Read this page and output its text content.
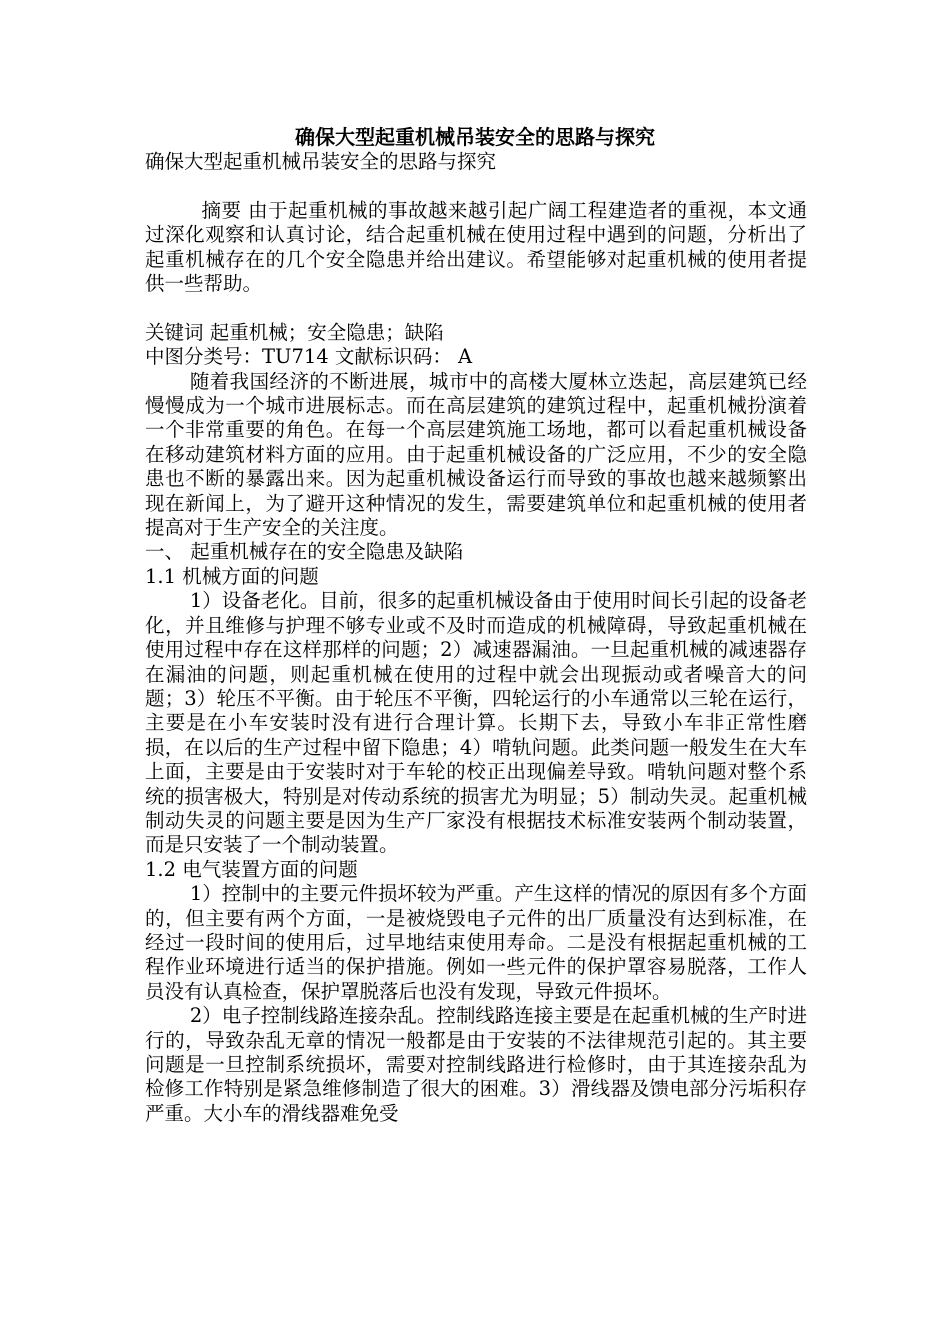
确保大型起重机械吊装安全的思路与探究

确保大型起重机械吊装安全的思路与探究

摘要 由于起重机械的事故越来越引起广阔工程建造者的重视，本文通过深化观察和认真讨论，结合起重机械在使用过程中遇到的问题，分析出了起重机械存在的几个安全隐患并给出建议。希望能够对起重机械的使用者提供一些帮助。

关键词 起重机械；安全隐患；缺陷

中图分类号：TU714 文献标识码： A

随着我国经济的不断进展，城市中的高楼大厦林立迭起，高层建筑已经慢慢成为一个城市进展标志。而在高层建筑的建筑过程中，起重机械扮演着一个非常重要的角色。在每一个高层建筑施工场地，都可以看起重机械设备在移动建筑材料方面的应用。由于起重机械设备的广泛应用，不少的安全隐患也不断的暴露出来。因为起重机械设备运行而导致的事故也越来越频繁出现在新闻上，为了避开这种情况的发生，需要建筑单位和起重机械的使用者提高对于生产安全的关注度。

一、 起重机械存在的安全隐患及缺陷

1.1 机械方面的问题

1）设备老化。目前，很多的起重机械设备由于使用时间长引起的设备老化，并且维修与护理不够专业或不及时而造成的机械障碍，导致起重机械在使用过程中存在这样那样的问题；2）减速器漏油。一旦起重机械的减速器存在漏油的问题，则起重机械在使用的过程中就会出现振动或者噪音大的问题；3）轮压不平衡。由于轮压不平衡，四轮运行的小车通常以三轮在运行，主要是在小车安装时没有进行合理计算。长期下去，导致小车非正常性磨损，在以后的生产过程中留下隐患；4）啃轨问题。此类问题一般发生在大车上面，主要是由于安装时对于车轮的校正出现偏差导致。啃轨问题对整个系统的损害极大，特别是对传动系统的损害尤为明显；5）制动失灵。起重机械制动失灵的问题主要是因为生产厂家没有根据技术标准安装两个制动装置，而是只安装了一个制动装置。

1.2 电气装置方面的问题

1）控制中的主要元件损坏较为严重。产生这样的情况的原因有多个方面的，但主要有两个方面，一是被烧毁电子元件的出厂质量没有达到标准，在经过一段时间的使用后，过早地结束使用寿命。二是没有根据起重机械的工程作业环境进行适当的保护措施。例如一些元件的保护罩容易脱落，工作人员没有认真检查，保护罩脱落后也没有发现，导致元件损坏。

2）电子控制线路连接杂乱。控制线路连接主要是在起重机械的生产时进行的，导致杂乱无章的情况一般都是由于安装的不法律规范引起的。其主要问题是一旦控制系统损坏，需要对控制线路进行检修时，由于其连接杂乱为检修工作特别是紧急维修制造了很大的困难。3）滑线器及馈电部分污垢积存严重。大小车的滑线器难免受
